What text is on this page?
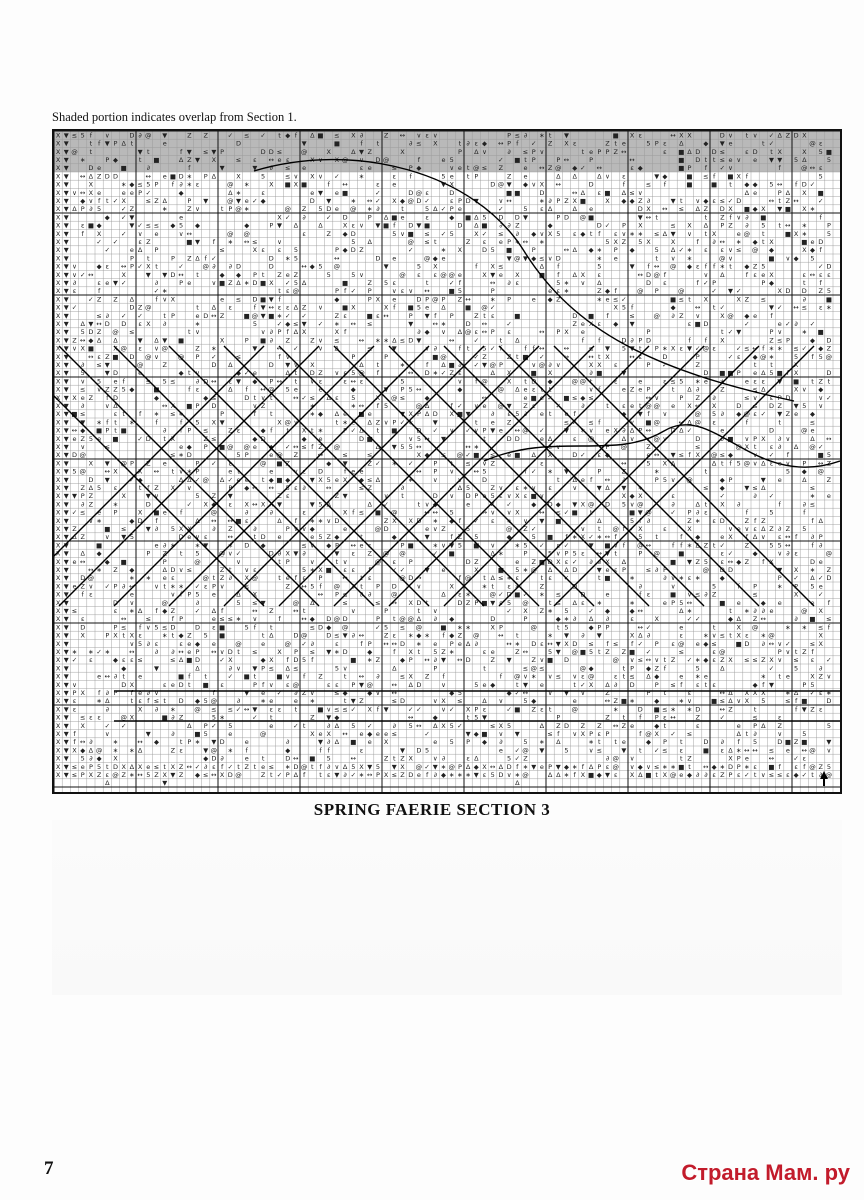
Shaded portion indicates overlap from Section 1.
X ▼ ≤ 5 f ∨	D ∂ @ ▼	Z Z	✓ ≤ ✓ t ◆ f Δ ■ ≤ X ∂	Z ↔ ∨ ε ∨	P ≤ ∂ ∗ t ▼	■ X ε	↔ X X	D ∨ t ∨ ✓ Δ Z D X
X ▼	t f ▼ P Δ t	e	D	▼	■	f t	∂ ≤ X	t ∂ ε ◆ ↔ P f ✓ Z X ε	Z t e	5 P ε Δ	◆ ▼ e	t ✓	@ ε
X ▼ @ t	▼ t	f ▼ ≤ ▼ P	D D ≤	@	X	Δ ▼ Z	X	P Δ ∨	∂ ≤ P ∨	t e P P Z ↔	ε ■ Δ D D ≤	ε D t X	X 5 ■
X ▼ ∗	P ◆	t ■	Δ Z ▼ X	≤ ε ↔ e ε	X ∨ X @ ∨ D @	f	e 5	✓ ■ t P	P ↔	P	↔	■ D t t ≤ e ∨ e ▼ ▼ 5 Δ	5
X ▼	D e	■	∂	f	▼	▼ ∂ ≤ e	ε e	≤ P ◆	∨ e t @ ≤ Z	e ↔ Z @ ◆ ✓ ↔	ε ◆	■ P f ✓ ∨	f	@ ↔ ε
X ▼ ↔ Δ Z D D	↔ e ■ D ∗ P Δ	X	5	≤ ∨ X ∨ ✓	∗	ε f	5 e t P	Z e	Δ Δ	Δ ∨ ε	▼ ◆	■ ≤ f ■ X f	5
X ▼	X	∗ ◆ ≤ 5 P f ∂ ∗ ε	@ ∗	X ■ X ■	f ↔	ε e	▼ X	D @ ▼ ◆ ∨ X ↔	D	f	≤ f	■	■ t ◆ ◆ 5 ↔ f D ✓
X ▼ ∨ ↔ X e	e e P ✓	◆	Δ ∗	ε	e ▼ e ■	✓	D @ ε	D	■ ■	D	↔ Δ ε ■ Δ ≤ ∨	Δ e	P Δ X ■
X ▼ ◆ ∨ f t ✓ X	≤ Z Δ	P ▼	@ ▼ e ✓ ◆	D ▼	∗ ↔ ✓ X ◆ @ D ✓	ε P D ▼	∨ ↔	∗ ∂ P Z X ■	X ◆ ◆ Z ∂	▼ t ∨ ◆ ε ≤ ✓ D	↔ t Z ↔	✓
X ▼ Δ P ∂ 5	✓ Z	∗	Z ∨	t P @ ∗	@ Z 5 D e @ ∗ ∂	t	5 Δ ✓ P e	✓	5 ε Δ	Δ e	D X ↔ ≤ Δ Z D X ■ ◆ X ▼ ■ X ∗
X ▼	◆ ✓ ▼	e	X ✓ ∂	✓ D	P Δ ■ e	ε	◆ ■ Δ 5 D D ▼	P D @ ■	▼ ↔ t	t Z f ∨ ∂ ■	f
X ▼ ε ■ ◆	▼ ✓ ≤ ≤ ◆ 5 ◆	◆	P ▼ Δ	Δ	X ε ∨ ▼ ■ f D ▼ ■	D Δ ■ ∂ ∂ Z	◆	D ✓ P X	≤ X Δ P Z ∂ 5 t ↔ ∗	P
X ▼ f X	✓ ∨ e	∨ ↔	@ @	ε	Z ◆ D	5 ∨ ■ ≤ ✓ 5	X ✓ ≤ ∂ ◆ ∨ X 5 ε ◆ t f ε ∨ ∗ ∗ ≤ Δ ▼ ∨ t X	e @ t	■ X ∗	5
X ▼	✓ ✓	ε Z	■ ▼ f ∗ ↔ ≤	∨	5 Δ	@ ≤ t	Z ε e P ∗ ↔ ∗	5 X Z 5 X	X	f ∂ ↔ ∗ ◆ t X	■ e D
X ▼	✓	e Δ P	≤	X ε ε 5	P ◆ D Z	✓	∗ X	D 5 ■	P	↔ Δ ◆ ∗ P ◆	5 Δ ✓ ∗ ε ε ∨ ≤ @ ◆	X ◆ f
X ▼	P t	P Z Δ f ✓	D ∗ 5	↔	D e	@ ◆ e	▼ @ ▼ ◆ ≤ ∨ D	∗ e	t ∨ ∗	@ ∨	■ ∨ ◆ 5
X ▼ ∨	◆ ε ↔ P ✓ X t	✓	@ ∂ ∂ D	D	↔ ◆ 5 @	▼	5 X	f X ≤	Δ f	5	▼ f ↔ @ ◆ ε f f ∗ t ◆ Z 5	✓ D
X ▼ ∨ ✓ ↔	X	▼ ▼ D ↔ t	◆ ◆ P t Z e Z	5	5 ∨	@ ε ε @ @ e	X ▼ e X	■ f Δ X ε	↔ D @ f	∨ Δ	f ε e X	ε ↔ ε ε
X ▼ ∂	ε e ▼ ✓	∂	P e	∨ ■ Z Δ ∗ D ■ X ✓ 5 Δ	■	Z 5 ε	t	✓ f	↔ ∂ ε	5 ∗ ∨ Δ	D ε	f ✓ P	P ◆	t f
X ▼ ε	f	✓ ∗	t ε @	P f ✓ P	∨ ε ∨ ↔	■ 5	P	e ε ∗	Z ◆ f	@ P	@	✓ ▼ ✓	X D D Z 5
X ▼	✓ Z Z Δ	f ∨ X	e ≤ D ■ ▼ f	◆	P X e	D P @ P Z ↔	∗ P	e ◆ Z	∗ e ≤ ✓	■ ≤ t X	X Z ≤	∂	■
X ▼ ✓	D Z @	t Δ ε	f ▼ ↔ ε ε Δ Z ∨	■ X	X f ■ 5 e Δ	■ @ ✓	X 5 f	◆	↔ t ✓	▼ ✓ ↔ ≤ ε ∗
X ▼	≤ ∂ ✓ ✓	t P	e D ↔ Z	■ @ ▼ ■ ∗ ✓ ✓	Z ε	■ ε ↔	P ▼ f P	Z t ε	■	D ■ f	≤	@ ∂ Z ∨	X @ ◆ e f
X ▼ Δ ▼ ↔ D D ε X ∂	∗	5	✓ ◆ ≤ ▼ ✓ ∗ ↔ ≤	▼	↔ ∗	D ↔	✓	Z e X ε ◆ ▼	ε ■ D	✓	e ✓ ∂ ✓
X ▼ 5 D Z @ ≤	t ∨	∨ ∂ P f Δ X	X f	∂ ◆ ∨ Δ @ ε ↔ P ε	↔ P X e	P	t ✓ ▼	P ∨	∗ ■
X ▼ Z ↔ ◆ Δ Δ	▼ Δ ▼ ■	X	P ■ ∂ Z	Z ∨ ≤	↔ ∗ ∗ Δ ≤ D ▼	↔	✓	t Δ	f f	D ∂ P D	f f X	Z ≤ P	◆ D
X ▼ ∨ X ■	X @ ε ∨ @	Z ∗	▼	↔ ✓	∨ Δ	≤	▼	∨ ∂	f t 5 ✓ f	f f ↔	↔	≤ ▼ 5 ▼ t P ∗ X ε ▼ ✓ @ ε	✓ ≤ ↔ f ∗ ∗ ≤ ✓ ◆ Z
X ▼	↔ ε Z ■ D @ ∨	@ P ✓	≤	f ∨	P	P	■ @	✓ Z	Z t ■ ✓	↔	↔ t X	↔ ε	D	P	✓ ε ◆ @ ∗	5 f 5 @
X ▼ ∂ ≤ ▼	@	Z	D Δ	D ▼ ∨ X	Δ t	∗	f Δ ■ ∂ ✓ ▼ @ P	∨ @ ∂ ∨	X X ε	P ✓	Z	t t	X
X ▼ 5	▼ D	e	◆ t ∨	◆ ✓ e	Δ t D Z ∨ ε 5 @ f	↔ D ∗ ✓ Z ε	Δ X	■ X	∂ ■	▼	D ■ ■ P e Δ 5 ■ f X	D
X ▼ ∨ 5 e f	≤ 5 ≤	∂ D ↔ ε ▼ ◆ P ↔ t ∨ ε	ε ↔ ε	5	∨ f @	X t D ◆	@ @ t	ε	e	ε ≤ 5 ∗ e ∗	e ε ε ▼ ■ t Z t
X ▼ ≤ ∨ Z Z 5 ◆	■	f ε	Δ f ↔ @ 5 e	e	◆	▼ P 5 ↔	◆	@ Δ e ε t t	∨ f	e Z e P	t Δ ∂	Z	≤ Δ	X ∨ ◆
X ▼ X e Z f D	◆	◆ ≤	D t ∨ t	↔ ✓ ≤ Δ ε 5	X @ ≤	◆	↔	e ■ e ✓ ■ ≤ ◆ ≤	↔ ∨	P Z ∂	≤ ∨ ε P D	∨ ✓
X ▼ ∂	∨ Δ	↔ X ■ P D	∨ Z	∗	∗ ↔ f 5	@ Δ	f ✓ ∨ e @ ▼ Z ε	✓	∂	t ε e t @ @ e X ↔ X	D ≤ D Z ▼ 5 ∨
X ▼ ■ ≤	ε t f ∗ ≤ ∗	P	f t	∗ ◆ Δ e ■ e	▼ X P Δ D X ■ ▼	∂ ε 5 ∂ e t e f	◆ ▼ f ∨	@ 5 ∂ ◆ @ ε ✓ ▼ Z e ◆
X ▼ ▼ ∗ f t ∗	f	f 5 X ▼	X @ ∨	t ∗ e Δ Z ∨ P ✓ ∗	▼	t e Z	≤ ✓ ≤ f	∨ ■ @	↔ Δ @ ε	f	t	≤
X ▼ ↔ ◆ ■ P t ■	∂ f P ≤	Z ε	◆ f t X t ∗	P ✓ Δ t ■	D ✓ ∨ ✓ ∨ P ▼ e ↔ @ ✓	▼ ∗ ∨ e X ∂ Δ P ↔	D Δ ✓	e	D	@ e
X ▼ e Z 5 e ■	✓ D t X	Z ≤	◆ D	◆ e	D ■	∨ 5 ↔ ▼	t	D D	e Δ	ε @	Δ ∨ ε @ ∨	D	∂ ■ ∨ P X ∂ ∨	Δ ↔
X ▼ ∨	≤	e ◆ P ■ @ @ e ◆ ✓ ↔ ≤ f Z ✓ @	Δ ▼ 5 5 ↔	↔ ∗	e ∨	P @	Z	≤	@ X t ε ∂ Δ @ ✓
X ▼ D @	≤ ∗ D	5 P	e @ Z	↔	≤	≤	X ◆ ≤ @ ✓ ■ ≤ e ■ Δ X	D ✓ ε ◆	e ↔ ▼ ≤ f X @ ≤ ◆	∨ ✓ f	■ 5
X ▼	X ▼ @ P Z e	P ✓ ε	@ ■ Z	◆ ▼	Z ✓ ∗ ✓	P t ≤ ∨ Z	ε	↔	5 X Δ	Δ t f 5 @ ∨ Δ ε e ∨ P ↔ Z
X ▼ 5 @	↔ X	X ↔ t ∨ ∗ P	e t	e	∨ ε D	f e e	↔ P ∨	↔ 5	f ✓ ∗ ▼	P	Z	∗	t	5 ◆ @
X ▼	D ▼	✓ ◆	Δ Δ ✓ @ Δ ✓ e e t ◆ ■ ◆	▼ X 5 e X ◆ ≤ Δ	∗	∨	∨	D	t Δ e f ↔ ∂	P 5 ∨ @	◆ P	▼ e	Δ	Z
X ▼ Z Δ 5 ε	t f Z X ∨	P ◆ ↔ ↔ 5 ε ∂	↔	≤ Z	∂	✓ Δ 5	Z ∨ ε ∗ ∨ ε	∨	▼ Δ ▼ ∗	≤ ◆	▼ ≤ Δ	≤
X ▼ ▼ P Z	X	▼ ∨	5 Z ▼	Z ε	Z ▼	∨ t	D ∨ D P e 5 ε ∨ X ε ■ ∨	X ◆ X	ε	✓	∂ ✓	∗ e
X ▼ ∂ Z	∗	D	✓ X ◆ ε X ↔ X X ▼	▼ 5 Δ	Δ ✓	t ∨ ◆	e	✓ ✓	◆ D ◆ ▼ X @ D 5 ∨ @	∂	Δ t X ∂	f	∂ ≤
X ▼ ✓ ≤ e P	X ■ e f	@	∂	∂	ε	X f ≤ ■ @	↔ ↔ 5	↔ ∨ ∨ X	↔ ≤ ✓ ■ t	■ ▼ @	✓ P ∂ ε	f	5	f
X ▼	∨ ∗	◆ D f	Δ ↔ ↔ ■ ε	Δ f ∗ ∗ ∨ D	Z X X D ∗ ◆ f ✓ ε ∗ ∨ ▼ ■	Δ	5 f ∂	Z ∗ ε D	Z f Z	f Δ
X ▼ Z	■ ≤	▼ ∂ 5 X X	∂ Z	∂	P ∨ ∨ ◆	e	@ D	e ∨ Z	5	@ Z ✓	∨ t @ f ✓ X	ε	X	∨ e ∨ ε Δ Z ∂ Z 5
X ▼ Δ Z	∨ ▼ 5	D e ∨ ε	↔	t D e	e 5 Z ◆	t	◆	▼	f Z 5	◆	5 ■ f ∗ X ✓ ∗ ↔ f	5 t	f ◆	e X f Δ ∨ ε ↔ f ∂ P
X ▼	■	e ∂ ∗	∗ ▼	∗ D ◆	≤ ∨ ◆ P ↔ e ε	P ■	∗ ∨ ▼ 5 ■ ∨	∗ 5 ✓ ε ✓	▼ ■ ∨ f @ ↔	f f ∗ Δ Z t ✓	Z	5 5 ↔	f ∂
X ▼ Δ ◆	P Z t 5	@ ∨ ✓	D ∂ X ▼ ∂	▼ ε Z @ @	✓ ■	Δ ∗	P	5 ∨ P 5 ε ↔ ▼ t	P @	■	ε ✓	◆	∨ ∂ ε	@
X ▼ e ↔	◆ ■	P	@	∨	t P	∨	t ∨	@ ε P	D Z	e Z ■ D X ε ✓ ∂ e X Δ	■ ▼ Z 5 ε ↔ ◆ Z f X	D e
X ▼	↔ ∗ Z ◆	Δ D ∨ ≤	Z t ∨ ε	5 ∗ X ■ ε ε f	✓ ✓	▼ e	X	■ 5 ∗ @ Δ Δ D	▼ e ε P	≤ ∂ P	@ D D	▼ X ∗ Z
X ▼ D @	∗ ∗ e ε	@ t Z ∂ X @	t e f ε P	↔ t ε	@ D ↔	f @ t Δ ≤ ∗ ε	t ε ✓	t ■	∗	∂ ∨ ∗ ε ∗	◆	P ✓ Δ ✓ D
X ▼ e Z ∨ ✓ P ∂ ↔	∨ t ∗ ∗ ✓ ε P ∨	≤	Z ↔ 5 f @ ∂ t P D	∨	X	∗ t ε ∗	Z	D	∂	∨	5	f P	∗ P 5 e
X ▼ f ε	e	∨ f P 5 e	Δ X	↔ P ≤ ∂ ∂	@	Δ ε ∗	@ ✓ D ■ ✓ ∗ ≤	D	e	f ε	■ ∨ ≤ ∂ Z	≤	X	✓
X ▼	D ∨	@	∂	5 ≤ ▼	@ Δ	≤	≤ ↔ X D t	D Z P ■ ▼ ε 5 @	t ≤ Δ ε ∗	∗	e P 5 ↔	■ e	◆ e	e f
X ▼ ≤	ε ∗ Δ f ◆ Z	✓ Δ f	↔ Z	↔ t	∨	P	t ∨	✓ X Z ∗ 5	✓ ◆	◆ ↔	Δ ∗	t ∗ ∂ ∂ e	@ X
X ▼ ε	↔	≤	f P	e ≤ ≤ ∗ ∨	f	↔ ◆ D @ D	P t @ @ Δ ∂ ◆	D	P	◆ ∗ ∂ Δ ∂	ε	X	✓ ✓	◆ Δ Z ↔	∂ ■ ≤
X ▼ D	P ≤ f ∨ 5 ≤ D	D ε ■	5 f t	≤ D ◆ @	✓ 5 ≤ @	■ ∗ ∗	X P	@	t 5	◆ P P	↔ ✓	e	t	X @	∗ ∗ ≤ f
X ▼ X	P X t X ε	∗ t ◆ Z 5 ■	t Δ	D @	D ≤ ▼ ∂ ↔	Z ε ∗ ◆ ∗ f ◆ Z @	↔ t	∗ ▼ ∂ ▼	X Δ ∂	ε	∗ ∨ ≤ t X ε ∗ @	X
X ▼	∨ 5 ∂ ε	ε e ◆ e	@	e	@ ✓ ∂	ε	f P ↔ ↔ D ∗ e P e Δ ∂	↔ ∗ D ε ↔ ▼ X D ≤ f ≤ f ✓ P ε @ e ◆ ≤	■ D ∂ ↔ ∨ ✓	≤ X
X ▼ ∗ ∗ ✓ ∗	↔	∂ ∂ ↔ e P ↔ ∨ D t ≤	X P ≤ ▼ ∗ D	◆	f X t 5 Z ∗	ε e	Z ↔	5 ▼ @ ■ 5 t Z Z ■ ✓	≤	ε @	P ∨ t Z f
X ▼ ✓ ε	◆ ε ε ≤	≤ Δ ■ D	✓ X	◆ X f D 5 f	■ ∗ Z	◆ P ↔ ∂ ▼ ↔ D	Z ▼	Z ∨ ■ D	@ ∨ ≤ ↔ ∨ t Z ✓ ∗ ◆ ε Z X ≤ ≤ Z X ∨ ≤ ε ✓
X ▼	◆	▼	Δ	∂ ∨ ▼ P ≤ Δ ≤	5 ∨	Δ	P	t	≤ @ ≤	@ ◆	t P ◆ Z f	5	Δ	✓	5	∂
X ▼	e ↔ ∂ t e	■ f t	✓ ■ t	■ ∨ f Z	t ↔ ∂	≤ X Z f	f @ ∨ ∗ ∨ ≤ ∨ ε @	ε t ≤ Δ ◆	e ∗ e	∗ t e	X Z ∨
X ▼ ∨	D X	ε e D t ■ ε	P f ∨ ε @	ε ε P ▼ @	↔ Δ D	∨	5 e ◆	t ▼ e	t ✓ X Δ ∂ D	P ≤ f ε t ε	◆ f ▼	P 5
X ▼ P X f ∂ P f e ∂ ∨	f	▼ e ✓ ∂ Z ∨	≤ ◆	◆ ∨ ↔	◆ 5	◆ ✓ ↔	∨ ▼ ∨	Z	P t	ε	↔ Δ X X X	∗ Δ ✓ ε ∗
X ▼ ε	∗ Δ	t ε f ≤ t D ◆ 5 @	∂	∗ e	e ∗	t ▼ Z	≤ D	∨ X ≤	Δ ∨	5 ◆	e	↔ Z ■ ∗	◆	∗ ∨	■ ≤ Δ ∨ X 5	≤ f ■	D
X ▼ ε	∂	X ∂ ∗	@ ≤ ≤ ✓ ↔ ▼ ε ε t	■ ∨ ≤ ≤ ✓ X f ▼	✓ ✓	∨ ✓ X P ε	✓ ■ Z ε t	@	∗	D ■ ≤ ∗ ∗ D	↔ Z	t	f ▼ Z ε
X ▼ ≤ ε ε	@ X	■ ∂ Z	5 ∗	✓ t	Z ▼ ◆	↔	◆	t 5 ▼	P	Z t f P ε ↔	Z	✓	≤	ε
X ▼ X	✓ ✓	Δ P ✓ 5	e	✓ t	∂ Δ 5 ✓	∂ 5 ↔ Δ X 5 ✓	≤ X 5	Δ Z D Z Z ↔ Z e	◆ t	ε	e P Δ Z	5
X ▼ f	∨	▼	∂	■ 5	e	@	X e X ↔ e ◆ e e ≤	✓	▼ ◆ ■ ∨ ▼	≤ f ∨ X P ε P	f @ X ✓ ≤	Δ t ∂	∨	5
X ▼ f ↔ ∂	∗	↔ ◆	t P ∗ ▼ D	e	∂	▼ ∂ Δ ■ e X	e 5 P ◆ ∂	5 ∗ Δ	∗ t t e	◆ P t	D ∂ f 5	D ■ Z ■	▼
X ▼ X ◆ Δ @ ∗ ∗ Δ	Z ε	▼ @ ∗ f	◆	f f	ε	▼ D 5	e ✓ @ ▼	5	∨ ≤	▼ t ✓ ≤ ε	■ ε Δ ∗ ↔ ↔ ≤ e ↔ @ ∨
X ▼ 5 ∂ ◆ X	◆ D ∂	e t	D ↔ ■ 5	↔	Z t Z X	∨ ∂	ε Δ	5 ✓ Z	∂ @ ∨	t Z	X P e	↔	✓ ε
X ▼ ≤ e P 5 t D X Δ X e ≤ t X Z ↔ ✓ ∂ ε f ✓ t Z t e ≤ ∗ D @ t f ∂ ∨ Δ 5 X ▼ 5 ▼ X @ ✓ ▼ ∗ @ P Δ ◆ X ↔ Δ D f ∗ ▼ e P ▼ ◆ ∗ f Δ P ε @ ∨ ◆ ∨ ≤ ∗ ∗ ■ t ↔ ◆ ∗ D P ∗ ε ■ f ε f @ Z 5
X ▼ ≤ P X Z ε @ Z ∗ ↔ 5 Z X ▼ Z ◆ ≤ ↔ X D @	Z t ✓ P Δ f t ε ▼ ∂ ✓ ∗ ↔ P X ≤ Z D e f ∂ ◆ ∗ ∗ ∗ ▼ ε 5 D ∨ ∗ @	Δ Δ ∗ f X ■ ◆ ▼ ε X Δ ■ t X @ e ◆ ∂ ∂ ε Z P ε ✓ t ∨ ≤ ≤ ε ◆ ✓ t ∂ @
Δ	▼	Δ
SPRING FAERIE SECTION 3
7	Страна Мам. ру
